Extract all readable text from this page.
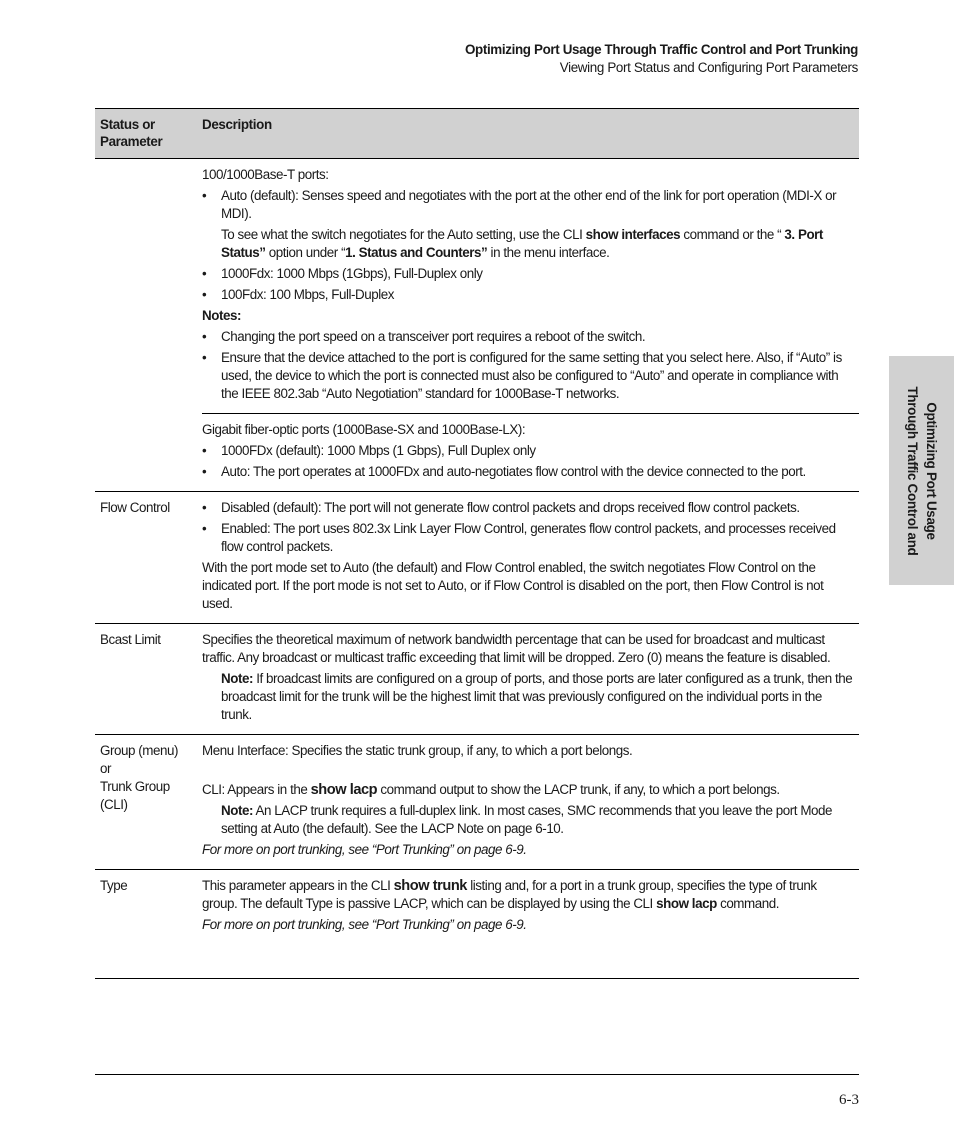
Optimizing Port Usage Through Traffic Control and Port Trunking
Viewing Port Status and Configuring Port Parameters
Optimizing Port Usage
Through Traffic Control and
Status or Parameter
Description

100/1000Base-T ports:

• Auto (default): Senses speed and negotiates with the port at the other end of the link for port operation (MDI-X or MDI).
To see what the switch negotiates for the Auto setting, use the CLI show interfaces command or the “ 3. Port Status” option under “1. Status and Counters” in the menu interface.
• 1000Fdx: 1000 Mbps (1Gbps), Full-Duplex only
• 100Fdx: 100 Mbps, Full-Duplex

Notes:

• Changing the port speed on a transceiver port requires a reboot of the switch.
• Ensure that the device attached to the port is configured for the same setting that you select here. Also, if “Auto” is used, the device to which the port is connected must also be configured to “Auto” and operate in compliance with the IEEE 802.3ab “Auto Negotiation” standard for 1000Base-T networks.

Gigabit fiber-optic ports (1000Base-SX and 1000Base-LX):

• 1000FDx (default): 1000 Mbps (1 Gbps), Full Duplex only
• Auto: The port operates at 1000FDx and auto-negotiates flow control with the device connected to the port.
Flow Control
•	Disabled (default): The port will not generate flow control packets and drops received flow control packets.
• Enabled: The port uses 802.3x Link Layer Flow Control, generates flow control packets, and processes received flow control packets.

With the port mode set to Auto (the default) and Flow Control enabled, the switch negotiates Flow Control on the indicated port. If the port mode is not set to Auto, or if Flow Control is disabled on the port, then Flow Control is not used.

Bcast Limit	Specifies the theoretical maximum of network bandwidth percentage that can be used for broadcast and multicast traffic. Any broadcast or multicast traffic exceeding that limit will be dropped. Zero (0) means the feature is disabled.

Note: If broadcast limits are configured on a group of ports, and those ports are later configured as a trunk, then the broadcast limit for the trunk will be the highest limit that was previously configured on the individual ports in the trunk.
Group (menu)
or
Trunk Group
(CLI)

Menu Interface: Specifies the static trunk group, if any, to which a port belongs.

CLI: Appears in the show lacp command output to show the LACP trunk, if any, to which a port belongs.

Note: An LACP trunk requires a full-duplex link. In most cases, SMC recommends that you leave the port Mode setting at Auto (the default). See the LACP Note on page 6-10.

For more on port trunking, see “Port Trunking” on page 6-9.

Type	This parameter appears in the CLI show trunk listing and, for a port in a trunk group, specifies the type of trunk group. The default Type is passive LACP, which can be displayed by using the CLI show lacp command.

For more on port trunking, see “Port Trunking” on page 6-9.

6-3
